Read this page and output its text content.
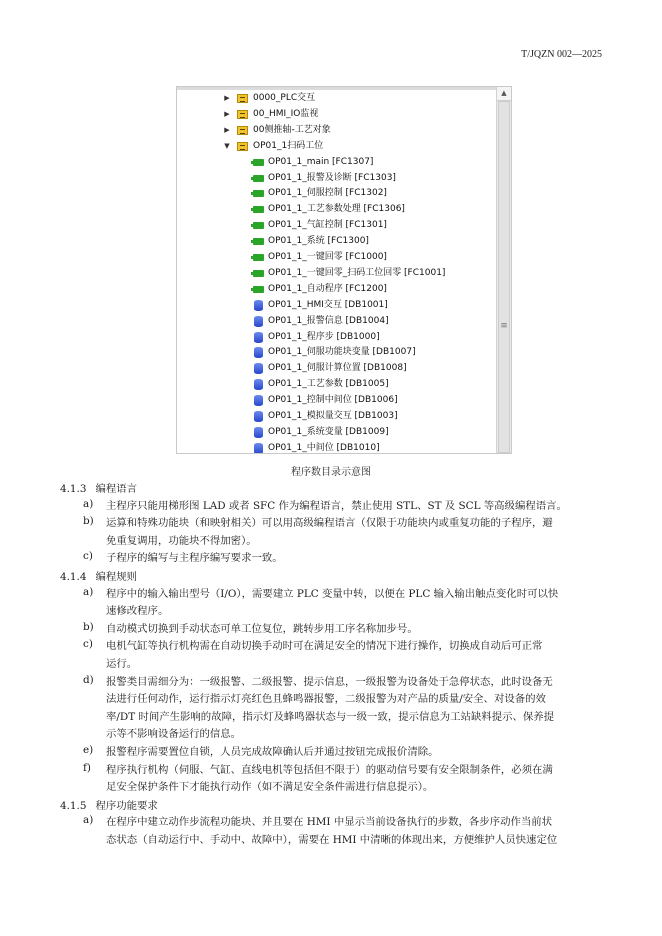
T/JQZN 002—2025
▶	0000_PLC交互
▶	00_HMI_IO监视
▶	00侧推轴-工艺对象
▼	OP01_1扫码工位
OP01_1_main [FC1307]
OP01_1_报警及诊断 [FC1303]
OP01_1_伺服控制 [FC1302]
OP01_1_工艺参数处理 [FC1306]
OP01_1_气缸控制 [FC1301]
OP01_1_系统 [FC1300]
OP01_1_一键回零 [FC1000]
OP01_1_一键回零_扫码工位回零 [FC1001]
OP01_1_自动程序 [FC1200]
OP01_1_HMI交互 [DB1001]
OP01_1_报警信息 [DB1004]
OP01_1_程序步 [DB1000]
OP01_1_伺服功能块变量 [DB1007]
OP01_1_伺服计算位置 [DB1008]
OP01_1_工艺参数 [DB1005]
OP01_1_控制中间位 [DB1006]
OP01_1_模拟量交互 [DB1003]
OP01_1_系统变量 [DB1009]
OP01_1_中间位 [DB1010]
▲
≡
程序数目录示意图
4.1.3 编程语言
a) 主程序只能用梯形图 LAD 或者 SFC 作为编程语言，禁止使用 STL、ST 及 SCL 等高级编程语言。
b) 运算和特殊功能块（和映射相关）可以用高级编程语言（仅限于功能块内或重复功能的子程序，避
免重复调用，功能块不得加密）。
c) 子程序的编写与主程序编写要求一致。
4.1.4 编程规则
a) 程序中的输入输出型号（I/O），需要建立 PLC 变量中转，以便在 PLC 输入输出触点变化时可以快
速修改程序。
b) 自动模式切换到手动状态可单工位复位，跳转步用工序名称加步号。
c) 电机气缸等执行机构需在自动切换手动时可在满足安全的情况下进行操作，切换成自动后可正常
运行。
d) 报警类目需细分为：一级报警、二级报警、提示信息，一级报警为设备处于急停状态，此时设备无
法进行任何动作，运行指示灯亮红色且蜂鸣器报警，二级报警为对产品的质量/安全、对设备的效
率/DT 时间产生影响的故障，指示灯及蜂鸣器状态与一级一致，提示信息为工站缺料提示、保养提
示等不影响设备运行的信息。
e) 报警程序需要置位自锁，人员完成故障确认后并通过按钮完成报价清除。
f) 程序执行机构（伺服、气缸、直线电机等包括但不限于）的驱动信号要有安全限制条件，必须在满
足安全保护条件下才能执行动作（如不满足安全条件需进行信息提示）。
4.1.5 程序功能要求
a) 在程序中建立动作步流程功能块、并且要在 HMI 中显示当前设备执行的步数，各步序动作当前状
态状态（自动运行中、手动中、故障中），需要在 HMI 中清晰的体现出来，方便维护人员快速定位
